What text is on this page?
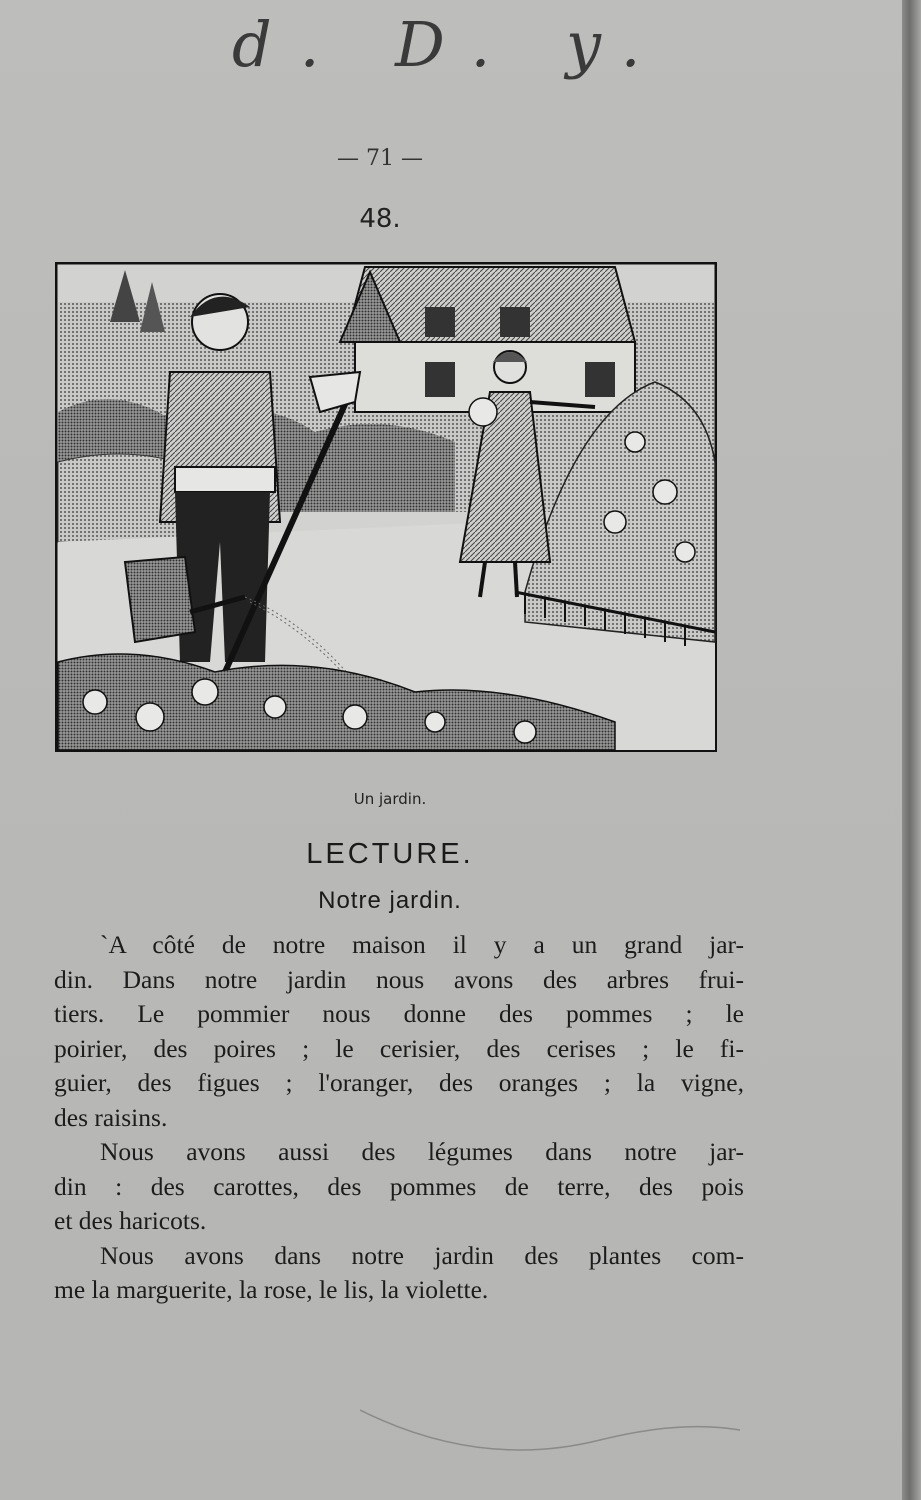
d. D. y.
— 71 —
48.
Un jardin.
LECTURE.
Notre jardin.

`A côté de notre maison il y a un grand jar-
din. Dans notre jardin nous avons des arbres frui-
tiers. Le pommier nous donne des pommes ; le
poirier, des poires ; le cerisier, des cerises ; le fi-
guier, des figues ; l'oranger, des oranges ; la vigne,
des raisins.

Nous avons aussi des légumes dans notre jar-
din : des carottes, des pommes de terre, des pois
et des haricots.

Nous avons dans notre jardin des plantes com-
me la marguerite, la rose, le lis, la violette.
